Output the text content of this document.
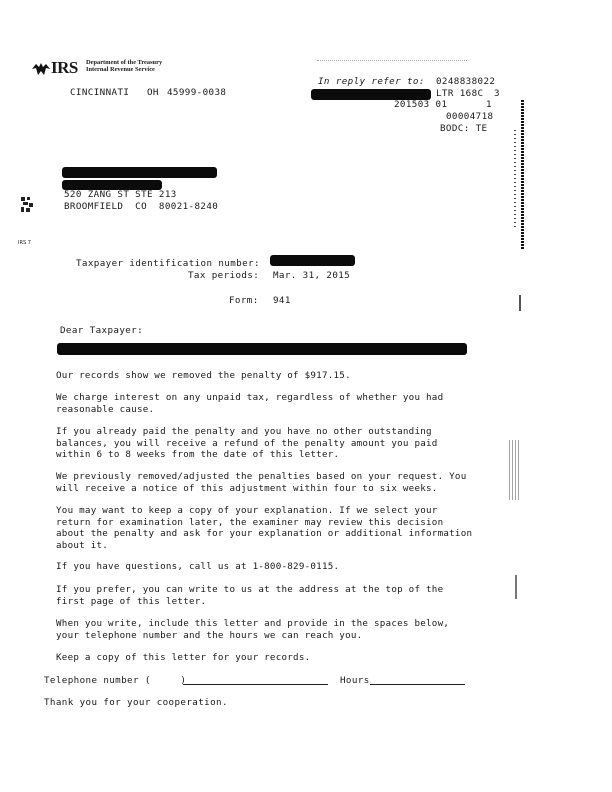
IRS Department of the Treasury
Internal Revenue Service
CINCINNATI OH 45999-0038
In reply refer to: 0248838022
LTR 168C 3
201503 01	1
00004718
BODC: TE
520 ZANG ST STE 213
BROOMFIELD  CO  80021-8240
IRS 7
Taxpayer identification number:
Tax periods: Mar. 31, 2015
Form: 941
Dear Taxpayer:
Our records show we removed the penalty of $917.15.
We charge interest on any unpaid tax, regardless of whether you had reasonable cause.
If you already paid the penalty and you have no other outstanding balances, you will receive a refund of the penalty amount you paid within 6 to 8 weeks from the date of this letter.
We previously removed/adjusted the penalties based on your request. You will receive a notice of this adjustment within four to six weeks.
You may want to keep a copy of your explanation. If we select your return for examination later, the examiner may review this decision about the penalty and ask for your explanation or additional information about it.
If you have questions, call us at 1-800-829-0115.
If you prefer, you can write to us at the address at the top of the first page of this letter.
When you write, include this letter and provide in the spaces below, your telephone number and the hours we can reach you.
Keep a copy of this letter for your records.
Telephone number (     )	Hours
Thank you for your cooperation.
